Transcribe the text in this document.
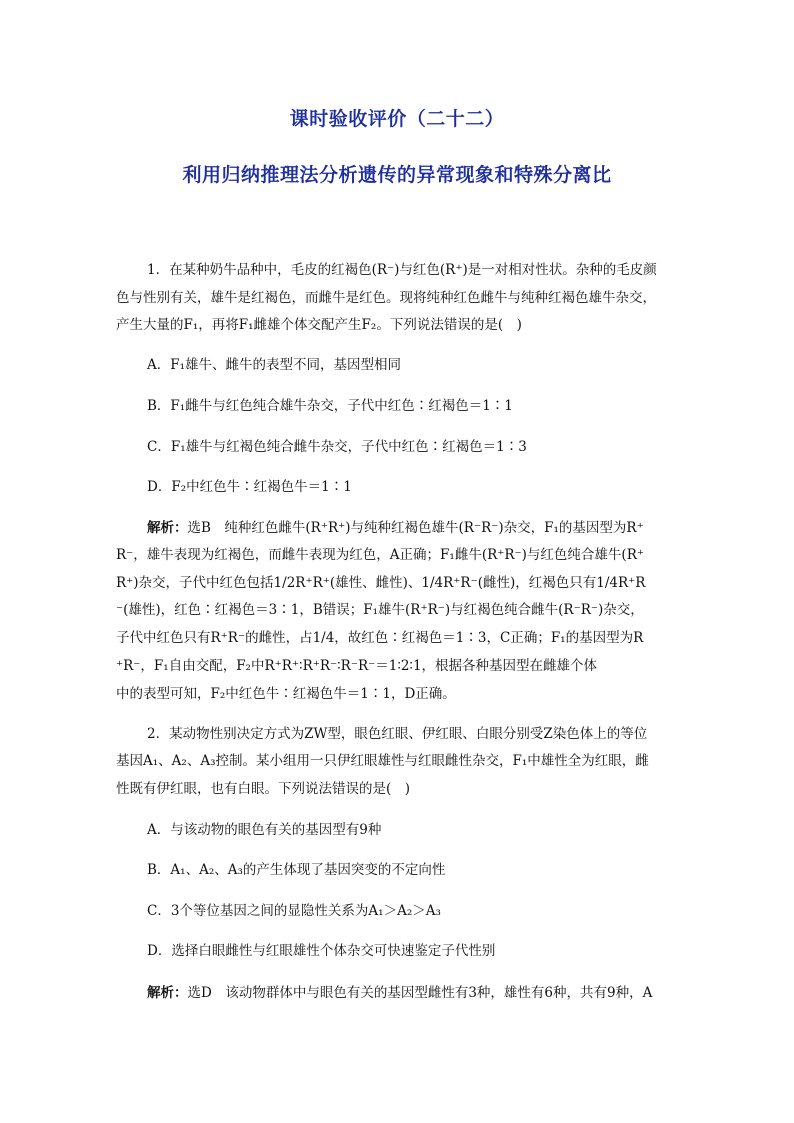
课时验收评价（二十二）
利用归纳推理法分析遗传的异常现象和特殊分离比
1．在某种奶牛品种中，毛皮的红褐色(R⁻)与红色(R⁺)是一对相对性状。杂种的毛皮颜
色与性别有关，雄牛是红褐色，而雌牛是红色。现将纯种红色雌牛与纯种红褐色雄牛杂交，
产生大量的F₁，再将F₁雌雄个体交配产生F₂。下列说法错误的是(　)
A．F₁雄牛、雌牛的表型不同，基因型相同
B．F₁雌牛与红色纯合雄牛杂交，子代中红色∶红褐色＝1∶1
C．F₁雄牛与红褐色纯合雌牛杂交，子代中红色∶红褐色＝1∶3
D．F₂中红色牛∶红褐色牛＝1∶1
解析：选B　纯种红色雌牛(R⁺R⁺)与纯种红褐色雄牛(R⁻R⁻)杂交，F₁的基因型为R⁺
R⁻，雄牛表现为红褐色，而雌牛表现为红色，A正确；F₁雌牛(R⁺R⁻)与红色纯合雄牛(R⁺
R⁺)杂交，子代中红色包括1/2R⁺R⁺(雄性、雌性)、1/4R⁺R⁻(雌性)，红褐色只有1/4R⁺R
⁻(雄性)，红色∶红褐色＝3∶1，B错误；F₁雄牛(R⁺R⁻)与红褐色纯合雌牛(R⁻R⁻)杂交，
子代中红色只有R⁺R⁻的雌性，占1/4，故红色∶红褐色＝1∶3，C正确；F₁的基因型为R
⁺R⁻，F₁自由交配，F₂中R⁺R⁺∶R⁺R⁻∶R⁻R⁻＝1∶2∶1，根据各种基因型在雌雄个体
中的表型可知，F₂中红色牛∶红褐色牛＝1∶1，D正确。
2．某动物性别决定方式为ZW型，眼色红眼、伊红眼、白眼分别受Z染色体上的等位
基因A₁、A₂、A₃控制。某小组用一只伊红眼雄性与红眼雌性杂交，F₁中雄性全为红眼，雌
性既有伊红眼，也有白眼。下列说法错误的是(　)
A．与该动物的眼色有关的基因型有9种
B．A₁、A₂、A₃的产生体现了基因突变的不定向性
C．3个等位基因之间的显隐性关系为A₁＞A₂＞A₃
D．选择白眼雌性与红眼雄性个体杂交可快速鉴定子代性别
解析：选D　该动物群体中与眼色有关的基因型雌性有3种，雄性有6种，共有9种，A
